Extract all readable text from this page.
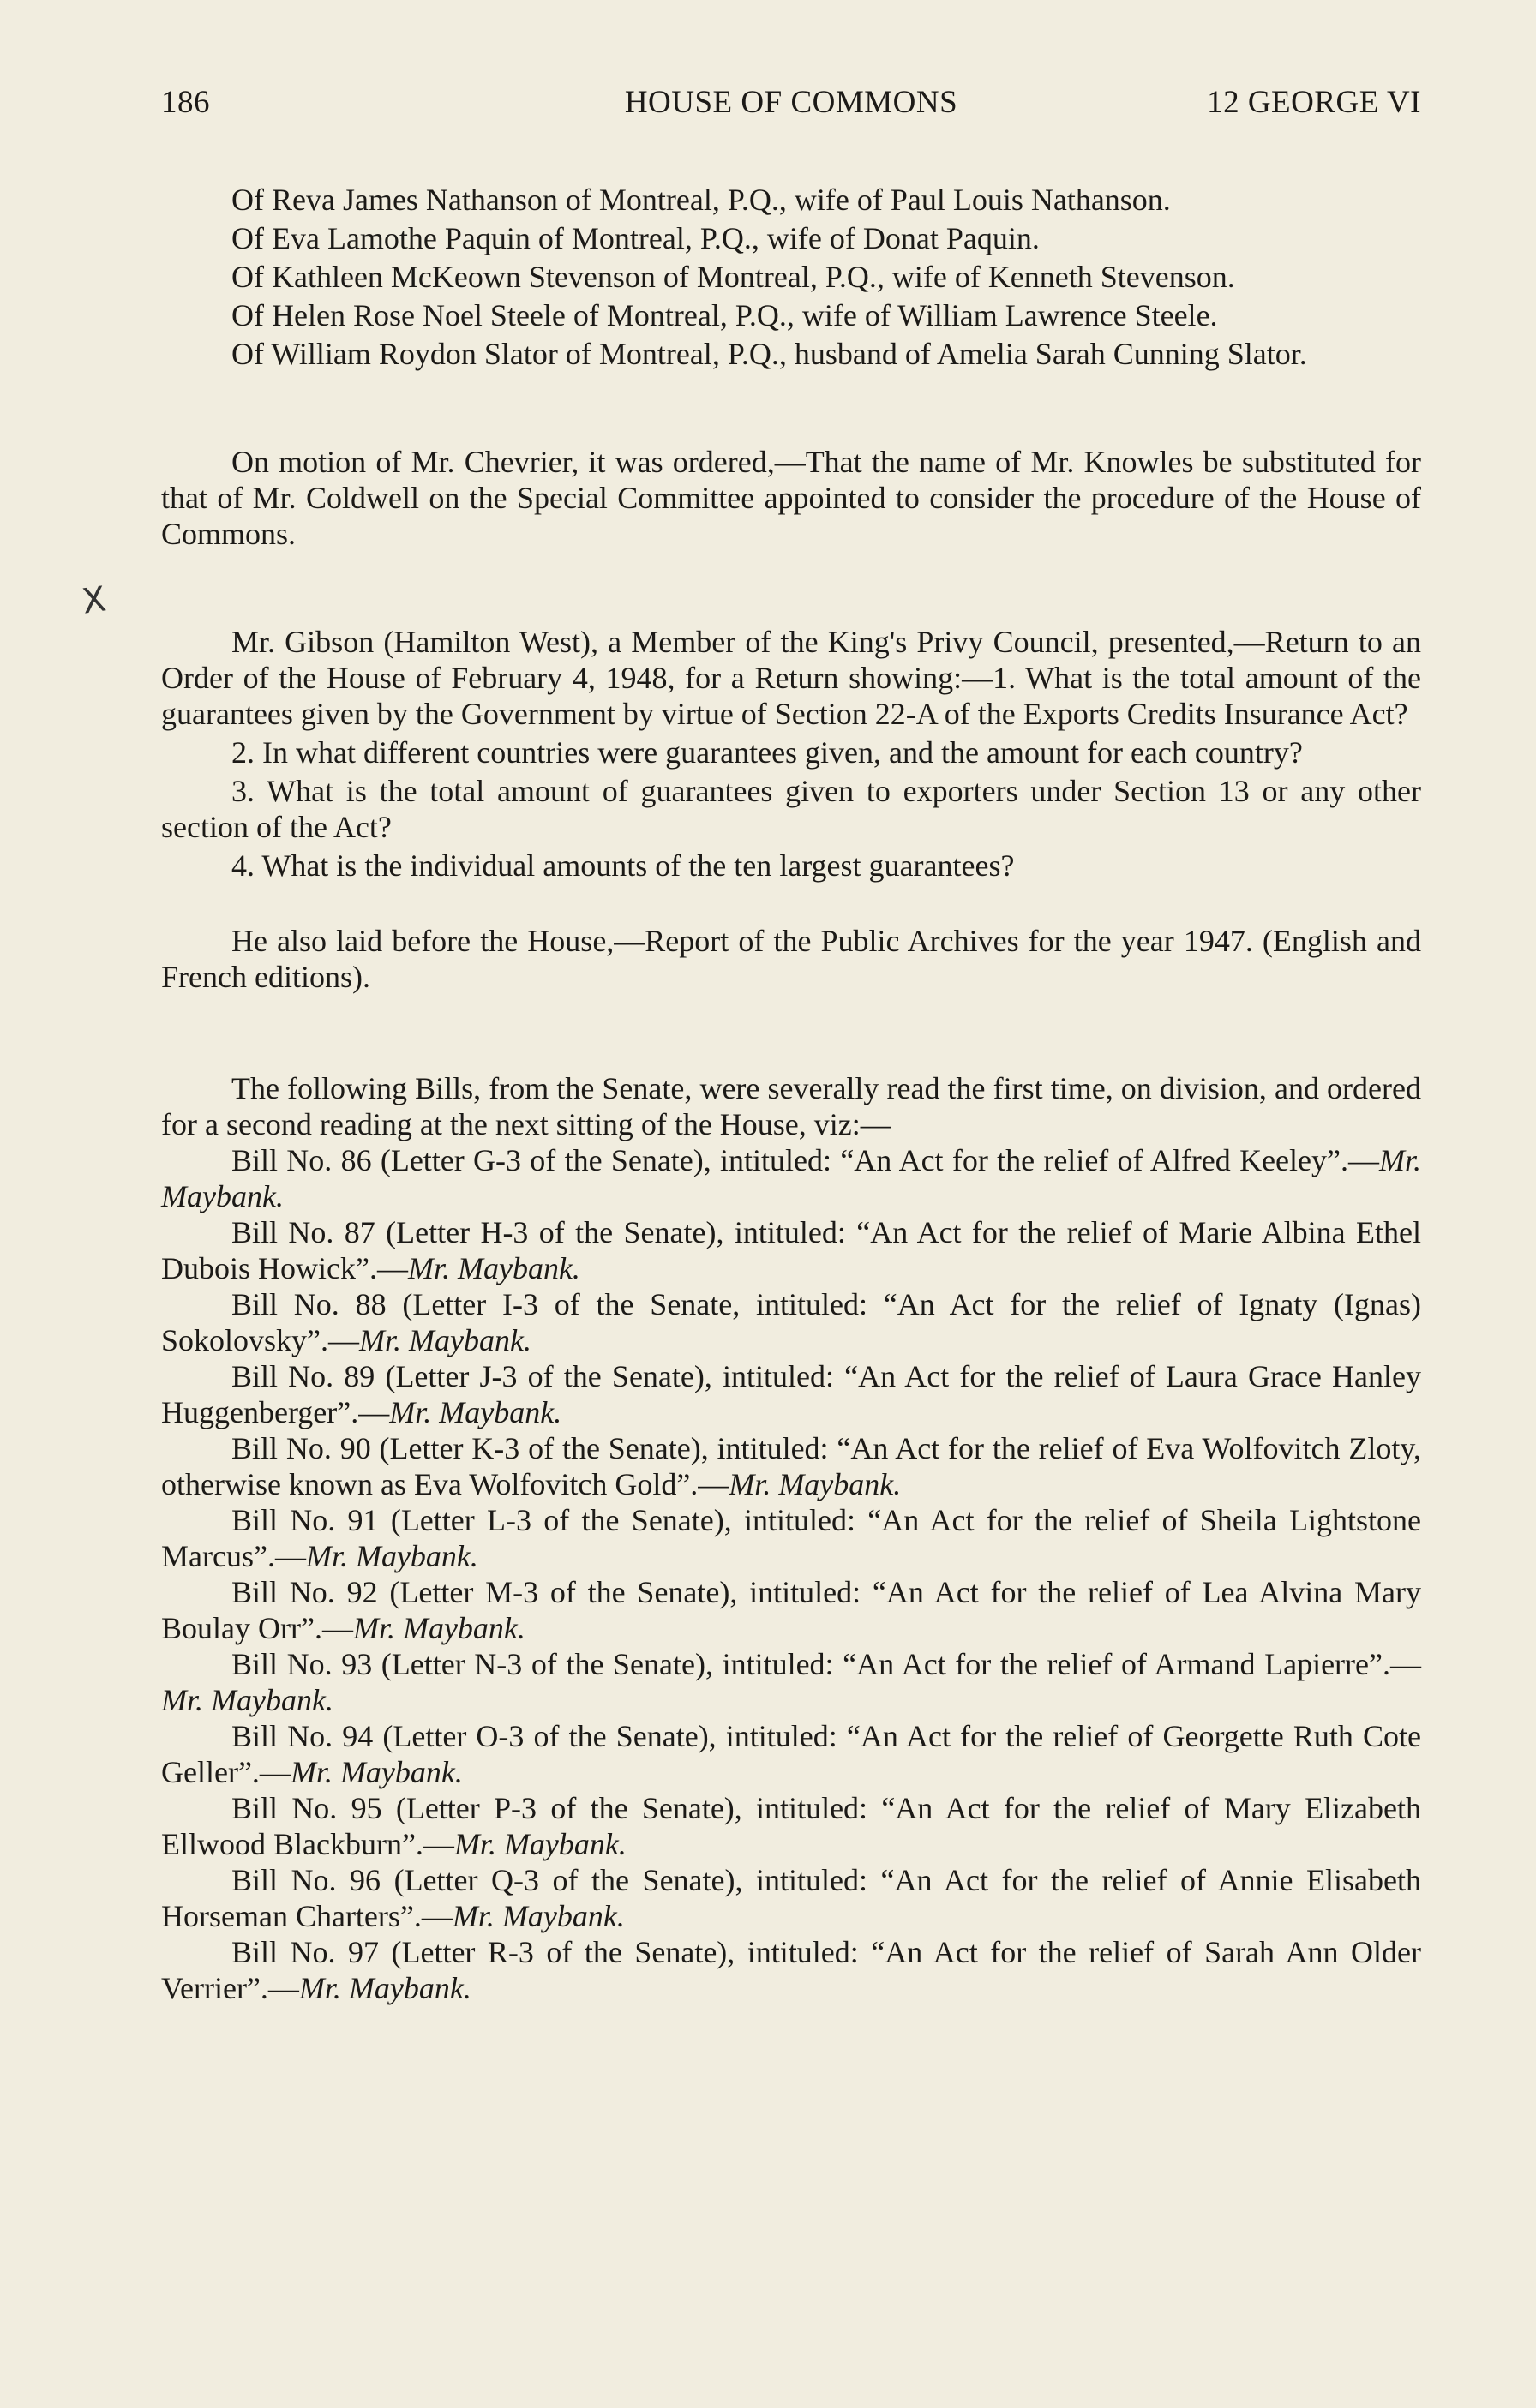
186	HOUSE OF COMMONS	12 GEORGE VI
X

Of Reva James Nathanson of Montreal, P.Q., wife of Paul Louis Nathanson.

Of Eva Lamothe Paquin of Montreal, P.Q., wife of Donat Paquin.

Of Kathleen McKeown Stevenson of Montreal, P.Q., wife of Kenneth Stevenson.

Of Helen Rose Noel Steele of Montreal, P.Q., wife of William Lawrence Steele.

Of William Roydon Slator of Montreal, P.Q., husband of Amelia Sarah Cunning Slator.

On motion of Mr. Chevrier, it was ordered,—That the name of Mr. Knowles be substituted for that of Mr. Coldwell on the Special Committee appointed to consider the procedure of the House of Commons.

Mr. Gibson (Hamilton West), a Member of the King's Privy Council, presented,—Return to an Order of the House of February 4, 1948, for a Return showing:—1. What is the total amount of the guarantees given by the Government by virtue of Section 22-A of the Exports Credits Insurance Act?

2. In what different countries were guarantees given, and the amount for each country?

3. What is the total amount of guarantees given to exporters under Section 13 or any other section of the Act?

4. What is the individual amounts of the ten largest guarantees?

He also laid before the House,—Report of the Public Archives for the year 1947. (English and French editions).

The following Bills, from the Senate, were severally read the first time, on division, and ordered for a second reading at the next sitting of the House, viz:—

Bill No. 86 (Letter G-3 of the Senate), intituled: “An Act for the relief of Alfred Keeley”.—Mr. Maybank.

Bill No. 87 (Letter H-3 of the Senate), intituled: “An Act for the relief of Marie Albina Ethel Dubois Howick”.—Mr. Maybank.

Bill No. 88 (Letter I-3 of the Senate, intituled: “An Act for the relief of Ignaty (Ignas) Sokolovsky”.—Mr. Maybank.

Bill No. 89 (Letter J-3 of the Senate), intituled: “An Act for the relief of Laura Grace Hanley Huggenberger”.—Mr. Maybank.

Bill No. 90 (Letter K-3 of the Senate), intituled: “An Act for the relief of Eva Wolfovitch Zloty, otherwise known as Eva Wolfovitch Gold”.—Mr. Maybank.

Bill No. 91 (Letter L-3 of the Senate), intituled: “An Act for the relief of Sheila Lightstone Marcus”.—Mr. Maybank.

Bill No. 92 (Letter M-3 of the Senate), intituled: “An Act for the relief of Lea Alvina Mary Boulay Orr”.—Mr. Maybank.

Bill No. 93 (Letter N-3 of the Senate), intituled: “An Act for the relief of Armand Lapierre”.—Mr. Maybank.

Bill No. 94 (Letter O-3 of the Senate), intituled: “An Act for the relief of Georgette Ruth Cote Geller”.—Mr. Maybank.

Bill No. 95 (Letter P-3 of the Senate), intituled: “An Act for the relief of Mary Elizabeth Ellwood Blackburn”.—Mr. Maybank.

Bill No. 96 (Letter Q-3 of the Senate), intituled: “An Act for the relief of Annie Elisabeth Horseman Charters”.—Mr. Maybank.

Bill No. 97 (Letter R-3 of the Senate), intituled: “An Act for the relief of Sarah Ann Older Verrier”.—Mr. Maybank.
